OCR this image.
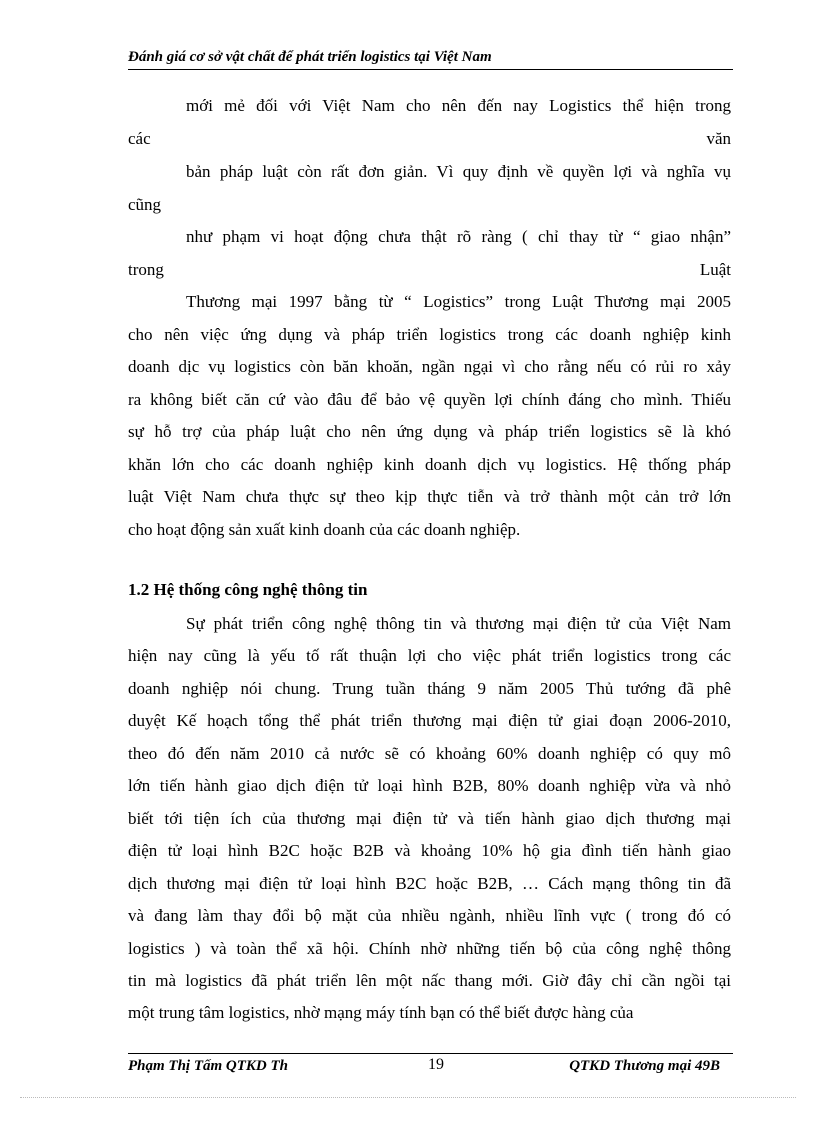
Đánh giá cơ sở vật chất để phát triển logistics tại Việt Nam
mới mẻ đối với Việt Nam cho nên đến nay Logistics thể hiện trong
các	văn
bản pháp luật còn rất đơn giản. Vì quy định về quyền lợi và nghĩa vụ
cũng
như phạm vi hoạt động chưa thật rõ ràng ( chỉ thay từ “ giao nhận”
trong	Luật
Thương mại 1997 bằng từ “ Logistics” trong Luật Thương mại 2005
cho nên việc ứng dụng và pháp triển logistics trong các doanh nghiệp kinh
doanh dịc vụ logistics còn băn khoăn, ngần ngại vì cho rằng nếu có rủi ro xảy
ra không biết căn cứ vào đâu để bảo vệ quyền lợi chính đáng cho mình. Thiếu
sự hỗ trợ của pháp luật cho nên ứng dụng và pháp triển logistics sẽ là khó
khăn lớn cho các doanh nghiệp kinh doanh dịch vụ logistics. Hệ thống pháp
luật Việt Nam chưa thực sự theo kịp thực tiễn và trở thành một cản trở lớn
cho hoạt động sản xuất kinh doanh của các doanh nghiệp.
1.2 Hệ thống công nghệ thông tin
Sự phát triển công nghệ thông tin và thương mại điện tử của Việt Nam
hiện nay cũng là yếu tố rất thuận lợi cho việc phát triển logistics trong các
doanh nghiệp nói chung. Trung tuần tháng 9 năm 2005 Thủ tướng đã phê
duyệt Kế hoạch tổng thể phát triển thương mại điện tử giai đoạn 2006-2010,
theo đó đến năm 2010 cả nước sẽ có khoảng 60% doanh nghiệp có quy mô
lớn tiến hành giao dịch điện tử loại hình B2B, 80% doanh nghiệp vừa và nhỏ
biết tới tiện ích của thương mại điện tử và tiến hành giao dịch thương mại
điện tử loại hình B2C hoặc B2B và khoảng 10% hộ gia đình tiến hành giao
dịch thương mại điện tử loại hình B2C hoặc B2B, … Cách mạng thông tin đã
và đang làm thay đổi bộ mặt của nhiều ngành, nhiều lĩnh vực ( trong đó có
logistics ) và toàn thể xã hội. Chính nhờ những tiến bộ của công nghệ thông
tin mà logistics đã phát triển lên một nấc thang mới. Giờ đây chỉ cần ngồi tại
một trung tâm logistics, nhờ mạng máy tính bạn có thể biết được hàng của
Phạm Thị Tấm QTKD Th	19	QTKD Thương mại 49B
